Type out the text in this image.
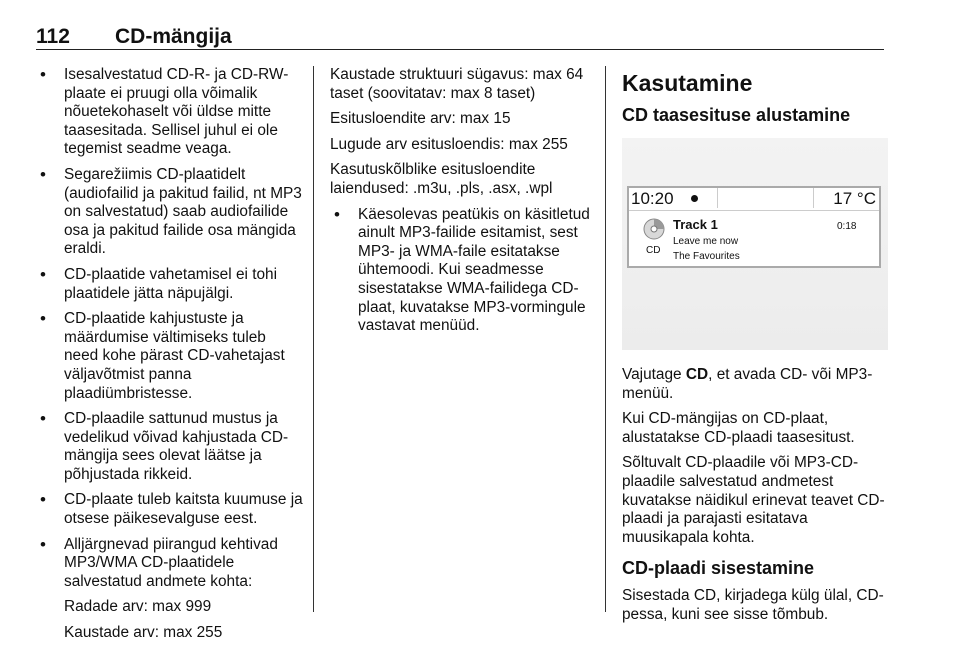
112 CD-mängija
• Isesalvestatud CD-R- ja CD-RW-plaate ei pruugi olla võimalik nõuetekohaselt või üldse mitte taasesitada. Sellisel juhul ei ole tegemist seadme veaga.
• Segarežiimis CD-plaatidelt (audiofailid ja pakitud failid, nt MP3 on salvestatud) saab audiofailide osa ja pakitud failide osa mängida eraldi.
• CD-plaatide vahetamisel ei tohi plaatidele jätta näpujälgi.
• CD-plaatide kahjustuste ja määrdumise vältimiseks tuleb need kohe pärast CD-vahetajast väljavõtmist panna plaadiümbristesse.
• CD-plaadile sattunud mustus ja vedelikud võivad kahjustada CD-mängija sees olevat läätse ja põhjustada rikkeid.
• CD-plaate tuleb kaitsta kuumuse ja otsese päikesevalguse eest.
• Alljärgnevad piirangud kehtivad MP3/WMA CD-plaatidele salvestatud andmete kohta:

Radade arv: max 999

Kaustade arv: max 255

Kaustade struktuuri sügavus: max 64 taset (soovitatav: max 8 taset)

Esitusloendite arv: max 15

Lugude arv esitusloendis: max 255

Kasutuskõlblike esitusloendite laiendused: .m3u, .pls, .asx, .wpl

• Käesolevas peatükis on käsitletud ainult MP3-failide esitamist, sest MP3- ja WMA-faile esitatakse ühtemoodi. Kui seadmesse sisestatakse WMA-failidega CD-plaat, kuvatakse MP3-vormingule vastavat menüüd.
Kasutamine
CD taasesituse alustamine
10:20	17 °C
CD
Track 1	0:18
Leave me now
The Favourites

Vajutage CD, et avada CD- või MP3-menüü.

Kui CD-mängijas on CD-plaat, alustatakse CD-plaadi taasesitust.

Sõltuvalt CD-plaadile või MP3-CD-plaadile salvestatud andmetest kuvatakse näidikul erinevat teavet CD-plaadi ja parajasti esitatava muusikapala kohta.

CD-plaadi sisestamine

Sisestada CD, kirjadega külg ülal, CD-pessa, kuni see sisse tõmbub.
